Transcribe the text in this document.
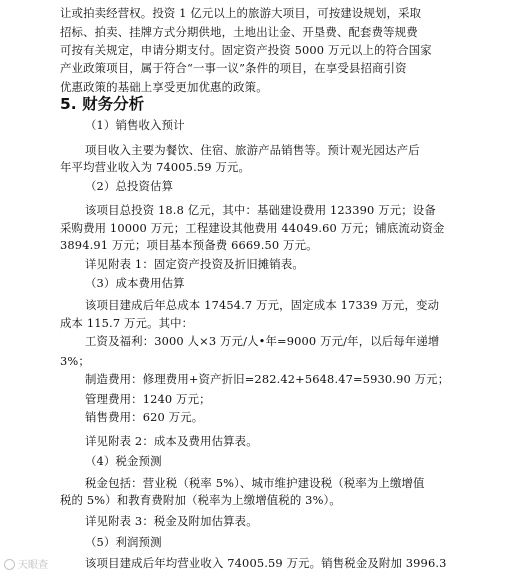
让或拍卖经营权。投资 1 亿元以上的旅游大项目，可按建设规划，采取
招标、拍卖、挂牌方式分期供地，土地出让金、开垦费、配套费等规费
可按有关规定，申请分期支付。固定资产投资 5000 万元以上的符合国家
产业政策项目，属于符合“一事一议”条件的项目，在享受县招商引资
优惠政策的基础上享受更加优惠的政策。
5. 财务分析
（1）销售收入预计
项目收入主要为餐饮、住宿、旅游产品销售等。预计观光园达产后
年平均营业收入为 74005.59 万元。
（2）总投资估算
该项目总投资 18.8 亿元，其中：基础建设费用 123390 万元；设备
采购费用 10000 万元；工程建设其他费用 44049.60 万元；铺底流动资金
3894.91 万元；项目基本预备费 6669.50 万元。
详见附表 1：固定资产投资及折旧摊销表。
（3）成本费用估算
该项目建成后年总成本 17454.7 万元，固定成本 17339 万元，变动
成本 115.7 万元。其中：
工资及福利：3000 人×3 万元/人•年=9000 万元/年，以后每年递增
3%；
制造费用：修理费用+资产折旧=282.42+5648.47=5930.90 万元；
管理费用：1240 万元；
销售费用：620 万元。
详见附表 2：成本及费用估算表。
（4）税金预测
税金包括：营业税（税率 5%）、城市维护建设税（税率为上缴增值
税的 5%）和教育费附加（税率为上缴增值税的 3%）。
详见附表 3：税金及附加估算表。
（5）利润预测
该项目建成后年均营业收入 74005.59 万元。销售税金及附加 3996.3
天眼查
